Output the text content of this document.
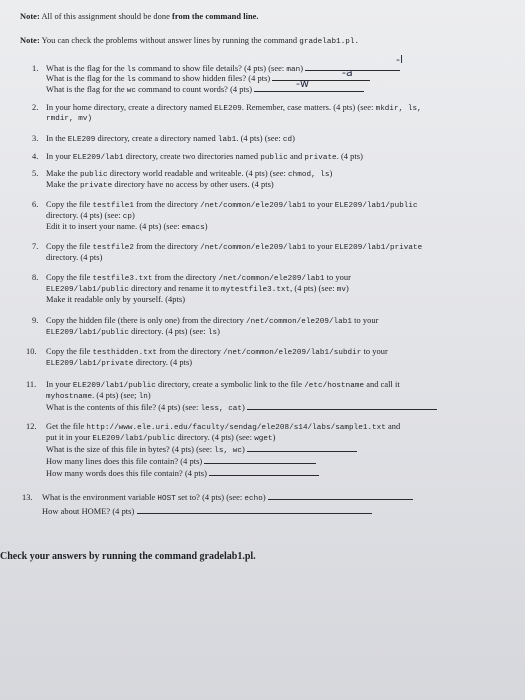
Note: All of this assignment should be done from the command line.
Note: You can check the problems without answer lines by running the command gradelab1.pl.
1. What is the flag for the ls command to show file details? (4 pts) (see: man)
-l
What is the flag for the ls command to show hidden files? (4 pts)	-a
What is the flag for the wc command to count words? (4 pts)	-w
2. In your home directory, create a directory named ELE209. Remember, case matters. (4 pts) (see: mkdir, ls,
rmdir, mv)
3. In the ELE209 directory, create a directory named lab1. (4 pts) (see: cd)
4. In your ELE209/lab1 directory, create two directories named public and private. (4 pts)
5. Make the public directory world readable and writeable. (4 pts) (see: chmod, ls)
Make the private directory have no access by other users. (4 pts)
6. Copy the file testfile1 from the directory /net/common/ele209/lab1 to your ELE209/lab1/public
directory. (4 pts) (see: cp)
Edit it to insert your name. (4 pts) (see: emacs)
7. Copy the file testfile2 from the directory /net/common/ele209/lab1 to your ELE209/lab1/private
directory. (4 pts)
8. Copy the file testfile3.txt from the directory /net/common/ele209/lab1 to your
ELE209/lab1/public directory and rename it to mytestfile3.txt, (4 pts) (see: mv)
Make it readable only by yourself. (4pts)
9. Copy the hidden file (there is only one) from the directory /net/common/ele209/lab1 to your
ELE209/lab1/public directory. (4 pts) (see: ls)
10. Copy the file testhidden.txt from the directory /net/common/ele209/lab1/subdir to your
ELE209/lab1/private directory. (4 pts)
11. In your ELE209/lab1/public directory, create a symbolic link to the file /etc/hostname and call it
myhostname. (4 pts) (see; ln)
What is the contents of this file? (4 pts) (see: less, cat)
12. Get the file http://www.ele.uri.edu/faculty/sendag/ele208/s14/labs/sample1.txt and
put it in your ELE209/lab1/public directory. (4 pts) (see: wget)
What is the size of this file in bytes? (4 pts) (see: ls, wc)
How many lines does this file contain? (4 pts)
How many words does this file contain? (4 pts)
13. What is the environment variable HOST set to? (4 pts) (see: echo)
How about HOME? (4 pts)
Check your answers by running the command gradelab1.pl.
